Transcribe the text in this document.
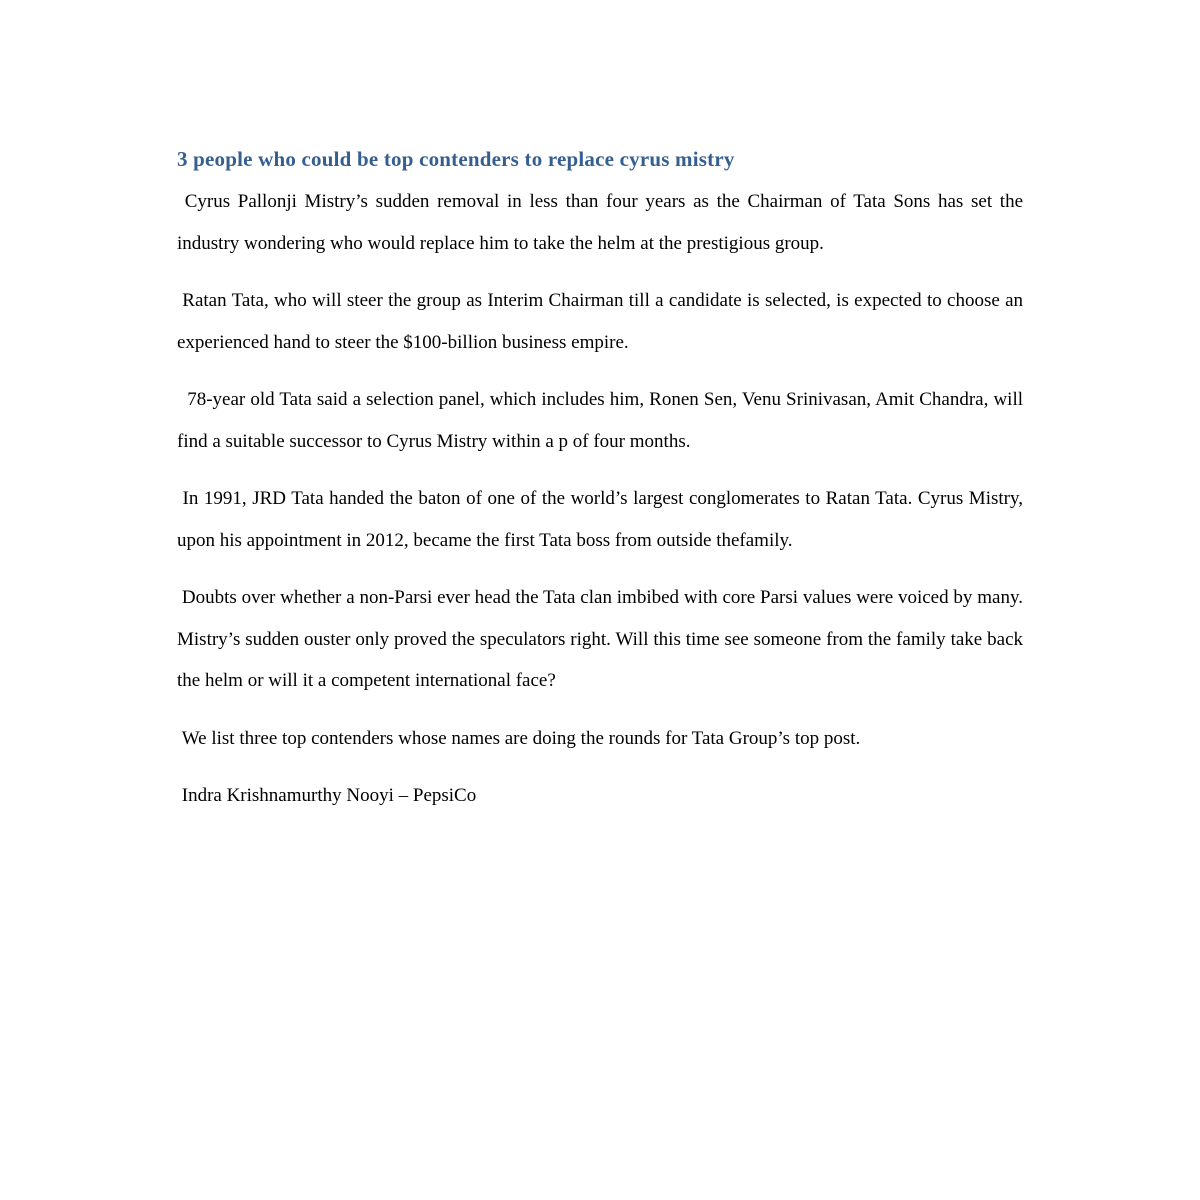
3 people who could be top contenders to replace cyrus mistry

Cyrus Pallonji Mistry’s sudden removal in less than four years as the Chairman of Tata Sons has set the industry wondering who would replace him to take the helm at the prestigious group.

Ratan Tata, who will steer the group as Interim Chairman till a candidate is selected, is expected to choose an experienced hand to steer the $100-billion business empire.

78-year old Tata said a selection panel, which includes him, Ronen Sen, Venu Srinivasan, Amit Chandra, will find a suitable successor to Cyrus Mistry within a p of four months.

In 1991, JRD Tata handed the baton of one of the world’s largest conglomerates to Ratan Tata. Cyrus Mistry, upon his appointment in 2012, became the first Tata boss from outside thefamily.

Doubts over whether a non-Parsi ever head the Tata clan imbibed with core Parsi values were voiced by many. Mistry’s sudden ouster only proved the speculators right. Will this time see someone from the family take back the helm or will it a competent international face?

We list three top contenders whose names are doing the rounds for Tata Group’s top post.

Indra Krishnamurthy Nooyi – PepsiCo
